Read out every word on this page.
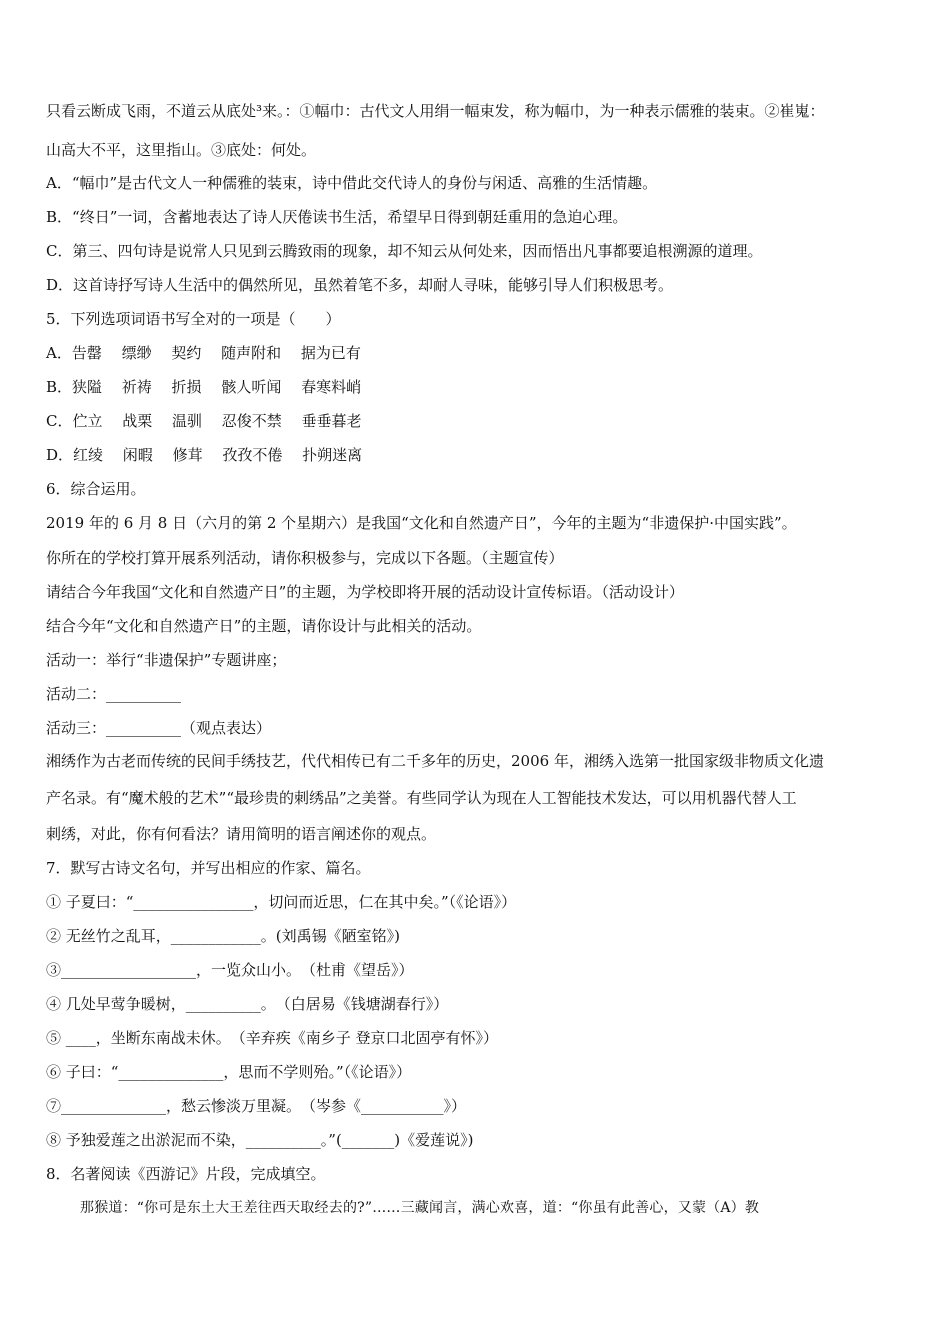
只看云断成飞雨，不道云从底处³来。：①幅巾：古代文人用绢一幅束发，称为幅巾，为一种表示儒雅的装束。②崔嵬：
山高大不平，这里指山。③底处：何处。
A．“幅巾”是古代文人一种儒雅的装束，诗中借此交代诗人的身份与闲适、高雅的生活情趣。
B．“终日”一词，含蓄地表达了诗人厌倦读书生活，希望早日得到朝廷重用的急迫心理。
C．第三、四句诗是说常人只见到云腾致雨的现象，却不知云从何处来，因而悟出凡事都要追根溯源的道理。
D．这首诗抒写诗人生活中的偶然所见，虽然着笔不多，却耐人寻味，能够引导人们积极思考。
5．下列选项词语书写全对的一项是（　　）
A．告罄　 缥缈　 契约　 随声附和　 据为已有
B．狭隘　 祈祷　 折损　 骸人听闻　 春寒料峭
C．伫立　 战栗　 温驯　 忍俊不禁　 垂垂暮老
D．红绫　 闲暇　 修茸　 孜孜不倦　 扑朔迷离
6．综合运用。
2019 年的 6 月 8 日（六月的第 2 个星期六）是我国“文化和自然遗产日”，今年的主题为“非遗保护·中国实践”。
你所在的学校打算开展系列活动，请你积极参与，完成以下各题。（主题宣传）
请结合今年我国“文化和自然遗产日”的主题，为学校即将开展的活动设计宣传标语。（活动设计）
结合今年“文化和自然遗产日”的主题，请你设计与此相关的活动。
活动一：举行“非遗保护”专题讲座；
活动二：__________
活动三：__________（观点表达）
湘绣作为古老而传统的民间手绣技艺，代代相传已有二千多年的历史，2006 年，湘绣入选第一批国家级非物质文化遗
产名录。有“魔术般的艺术”“最珍贵的刺绣品”之美誉。有些同学认为现在人工智能技术发达，可以用机器代替人工
刺绣，对此，你有何看法？请用简明的语言阐述你的观点。
7．默写古诗文名句，并写出相应的作家、篇名。
① 子夏曰：“________________，切问而近思，仁在其中矣。”（《论语》）
② 无丝竹之乱耳，____________。(刘禹锡《陋室铭》)
③__________________，一览众山小。　（杜甫《望岳》）
④ 几处早莺争暖树，__________。　（白居易《钱塘湖春行》）
⑤ ____，坐断东南战未休。　（辛弃疾《南乡子 登京口北固亭有怀》）
⑥ 子曰：“______________，思而不学则殆。”（《论语》）
⑦______________，愁云惨淡万里凝。　（岑参《___________》）
⑧ 予独爱莲之出淤泥而不染，__________。”(_______)《爱莲说》)
8．名著阅读《西游记》片段，完成填空。
那猴道：“你可是东土大王差往西天取经去的?”……三藏闻言，满心欢喜，道：“你虽有此善心，又蒙（A）教
